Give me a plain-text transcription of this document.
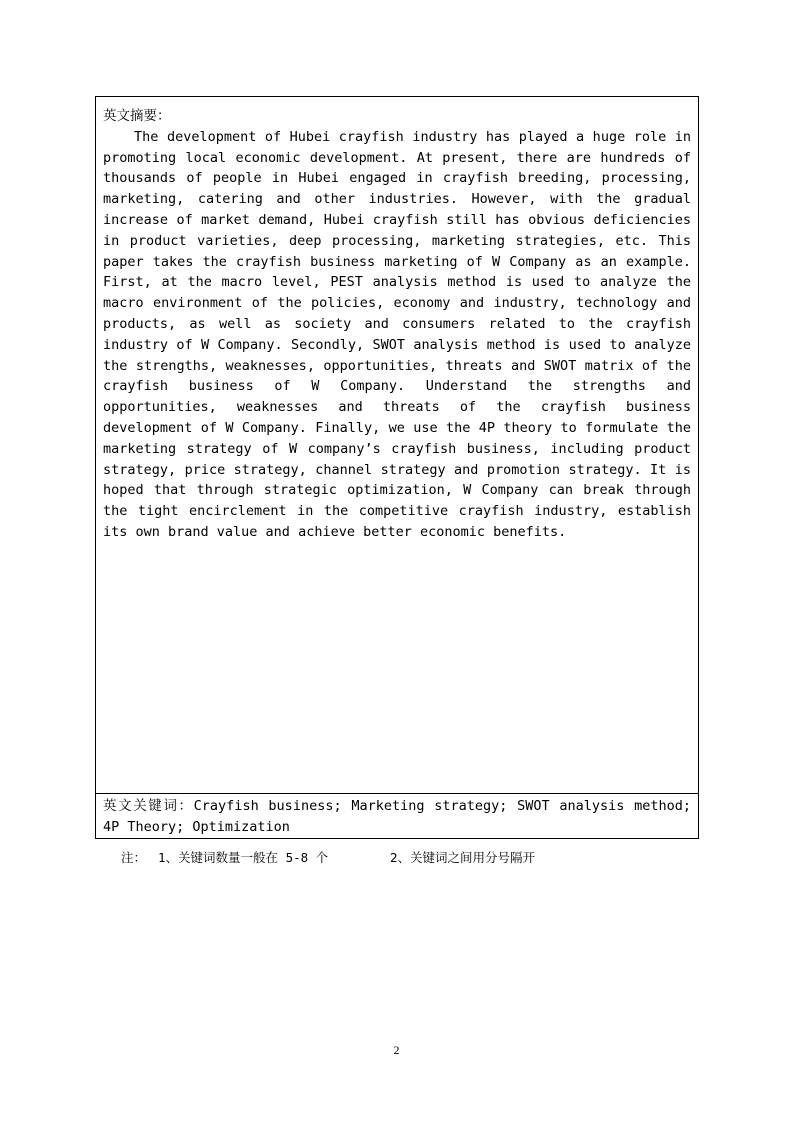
英文摘要：

The development of Hubei crayfish industry has played a huge role in promoting local economic development. At present, there are hundreds of thousands of people in Hubei engaged in crayfish breeding, processing, marketing, catering and other industries. However, with the gradual increase of market demand, Hubei crayfish still has obvious deficiencies in product varieties, deep processing, marketing strategies, etc. This paper takes the crayfish business marketing of W Company as an example. First, at the macro level, PEST analysis method is used to analyze the macro environment of the policies, economy and industry, technology and products, as well as society and consumers related to the crayfish industry of W Company. Secondly, SWOT analysis method is used to analyze the strengths, weaknesses, opportunities, threats and SWOT matrix of the crayfish business of W Company. Understand the strengths and opportunities, weaknesses and threats of the crayfish business development of W Company. Finally, we use the 4P theory to formulate the marketing strategy of W company’s crayfish business, including product strategy, price strategy, channel strategy and promotion strategy. It is hoped that through strategic optimization, W Company can break through the tight encirclement in the competitive crayfish industry, establish its own brand value and achieve better economic benefits.

英文关键词：Crayfish business; Marketing strategy; SWOT analysis method; 4P Theory; Optimization
注： 1、关键词数量一般在 5-8 个	2、关键词之间用分号隔开
2
